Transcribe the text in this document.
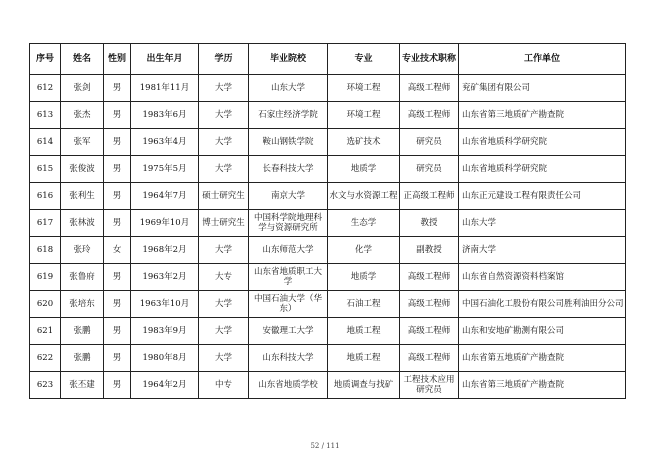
序号	姓名	性别	出生年月	学历	毕业院校	专业	专业技术职称	工作单位
612	张剑	男	1981年11月	大学	山东大学	环境工程	高级工程师	兖矿集团有限公司
613	张杰	男	1983年6月	大学	石家庄经济学院	环境工程	高级工程师	山东省第三地质矿产勘查院
614	张军	男	1963年4月	大学	鞍山钢铁学院	选矿技术	研究员	山东省地质科学研究院
615	张俊波	男	1975年5月	大学	长春科技大学	地质学	研究员	山东省地质科学研究院
616	张利生	男	1964年7月	硕士研究生	南京大学	水文与水资源工程	正高级工程师	山东正元建设工程有限责任公司
617	张林波	男	1969年10月	博士研究生	中国科学院地理科学与资源研究所	生态学	教授	山东大学
618	张玲	女	1968年2月	大学	山东师范大学	化学	副教授	济南大学
619	张鲁府	男	1963年2月	大专	山东省地质职工大学	地质学	高级工程师	山东省自然资源资料档案馆
620	张培东	男	1963年10月	大学	中国石油大学（华东）	石油工程	高级工程师	中国石油化工股份有限公司胜利油田分公司
621	张鹏	男	1983年9月	大学	安徽理工大学	地质工程	高级工程师	山东和安地矿勘测有限公司
622	张鹏	男	1980年8月	大学	山东科技大学	地质工程	高级工程师	山东省第五地质矿产勘查院
623	张丕建	男	1964年2月	中专	山东省地质学校	地质调查与找矿	工程技术应用研究员	山东省第三地质矿产勘查院
52 / 111
